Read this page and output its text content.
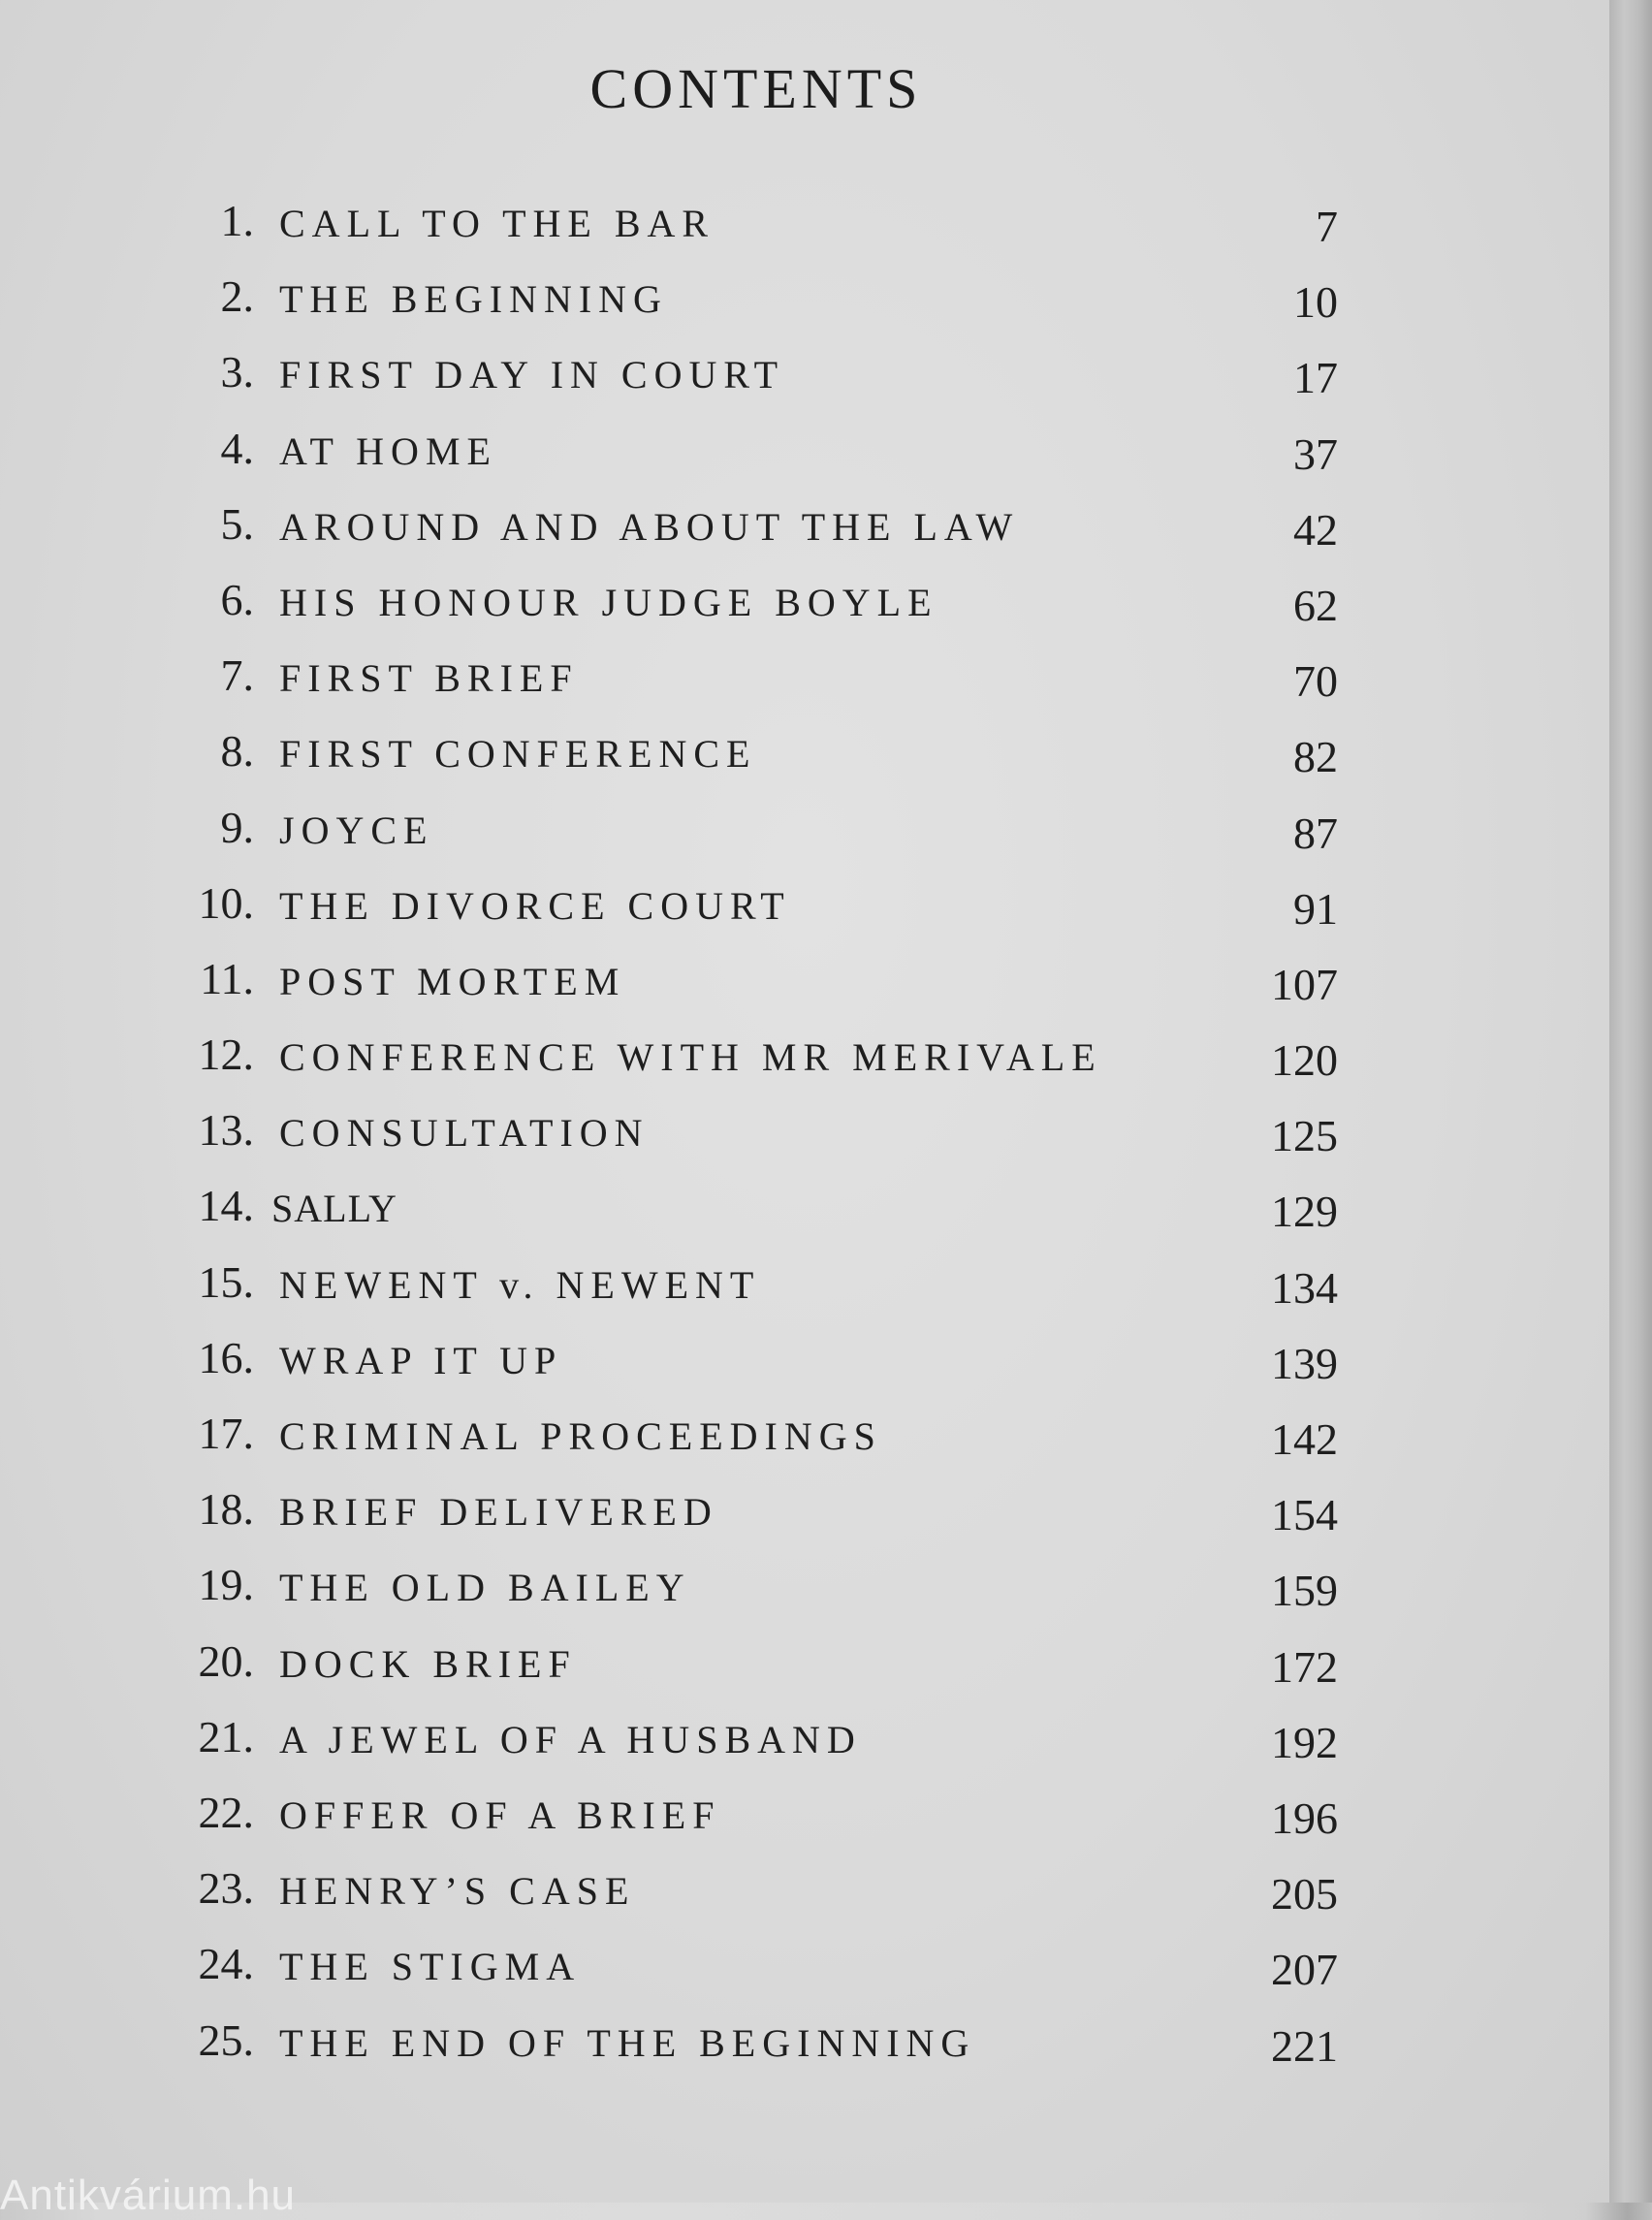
CONTENTS
1. CALL TO THE BAR	7
2. THE BEGINNING	10
3. FIRST DAY IN COURT	17
4. AT HOME	37
5. AROUND AND ABOUT THE LAW	42
6. HIS HONOUR JUDGE BOYLE	62
7. FIRST BRIEF	70
8. FIRST CONFERENCE	82
9. JOYCE	87
10. THE DIVORCE COURT	91
11. POST MORTEM	107
12. CONFERENCE WITH MR MERIVALE	120
13. CONSULTATION	125
14. SALLY	129
15. NEWENT v. NEWENT	134
16. WRAP IT UP	139
17. CRIMINAL PROCEEDINGS	142
18. BRIEF DELIVERED	154
19. THE OLD BAILEY	159
20. DOCK BRIEF	172
21. A JEWEL OF A HUSBAND	192
22. OFFER OF A BRIEF	196
23. HENRY’S CASE	205
24. THE STIGMA	207
25. THE END OF THE BEGINNING	221
Antikvárium.hu
